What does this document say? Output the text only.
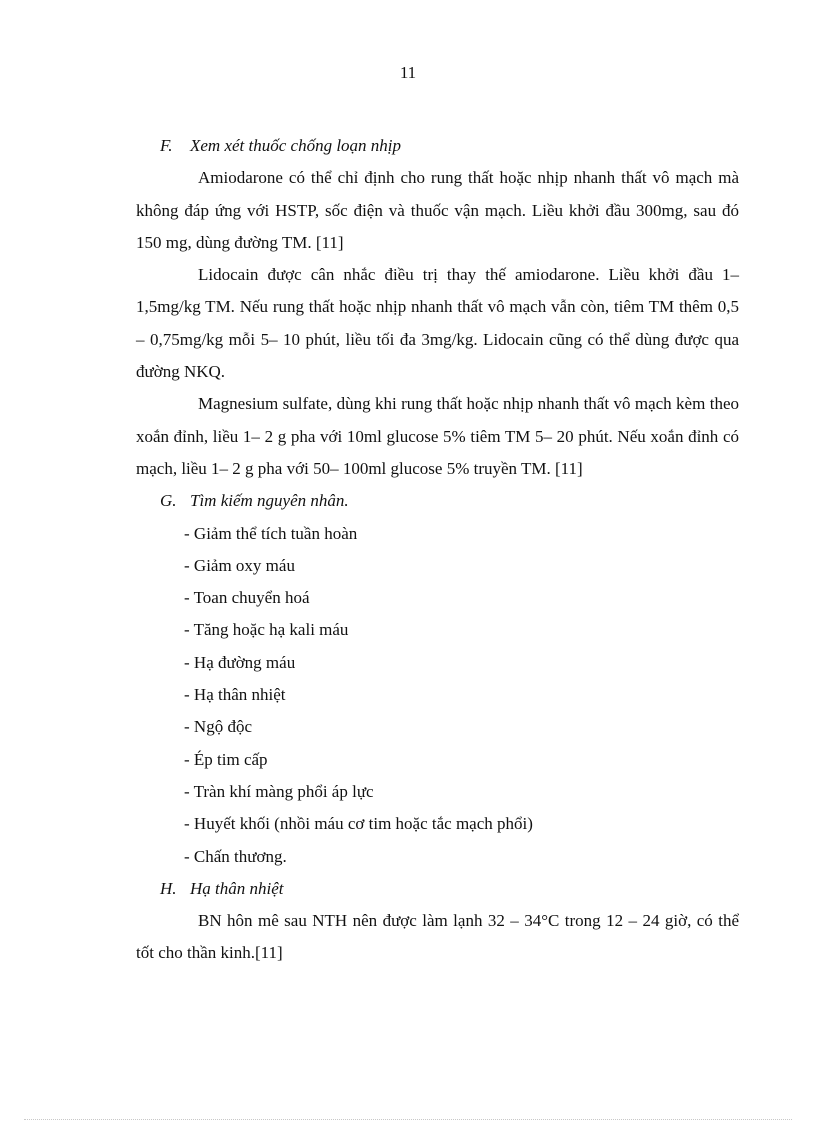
11
F. Xem xét thuốc chống loạn nhịp

Amiodarone có thể chỉ định cho rung thất hoặc nhịp nhanh thất vô mạch mà không đáp ứng với HSTP, sốc điện và thuốc vận mạch. Liều khởi đầu 300mg, sau đó 150 mg, dùng đường TM. [11]

Lidocain được cân nhắc điều trị thay thế amiodarone. Liều khởi đầu 1– 1,5mg/kg TM. Nếu rung thất hoặc nhịp nhanh thất vô mạch vẫn còn, tiêm TM thêm 0,5 – 0,75mg/kg mỗi 5– 10 phút, liều tối đa 3mg/kg. Lidocain cũng có thể dùng được qua đường NKQ.

Magnesium sulfate, dùng khi rung thất hoặc nhịp nhanh thất vô mạch kèm theo xoắn đỉnh, liều 1– 2 g pha với 10ml glucose 5% tiêm TM 5– 20 phút. Nếu xoắn đỉnh có mạch, liều 1– 2 g pha với 50– 100ml glucose 5% truyền TM. [11]

G. Tìm kiếm nguyên nhân.
- Giảm thể tích tuần hoàn
- Giảm oxy máu
- Toan chuyển hoá
- Tăng hoặc hạ kali máu
- Hạ đường máu
- Hạ thân nhiệt
- Ngộ độc
- Ép tim cấp
- Tràn khí màng phổi áp lực
- Huyết khối (nhồi máu cơ tim hoặc tắc mạch phổi)
- Chấn thương.
H. Hạ thân nhiệt

BN hôn mê sau NTH nên được làm lạnh 32 – 34°C trong 12 – 24 giờ, có thể tốt cho thần kinh.[11]
